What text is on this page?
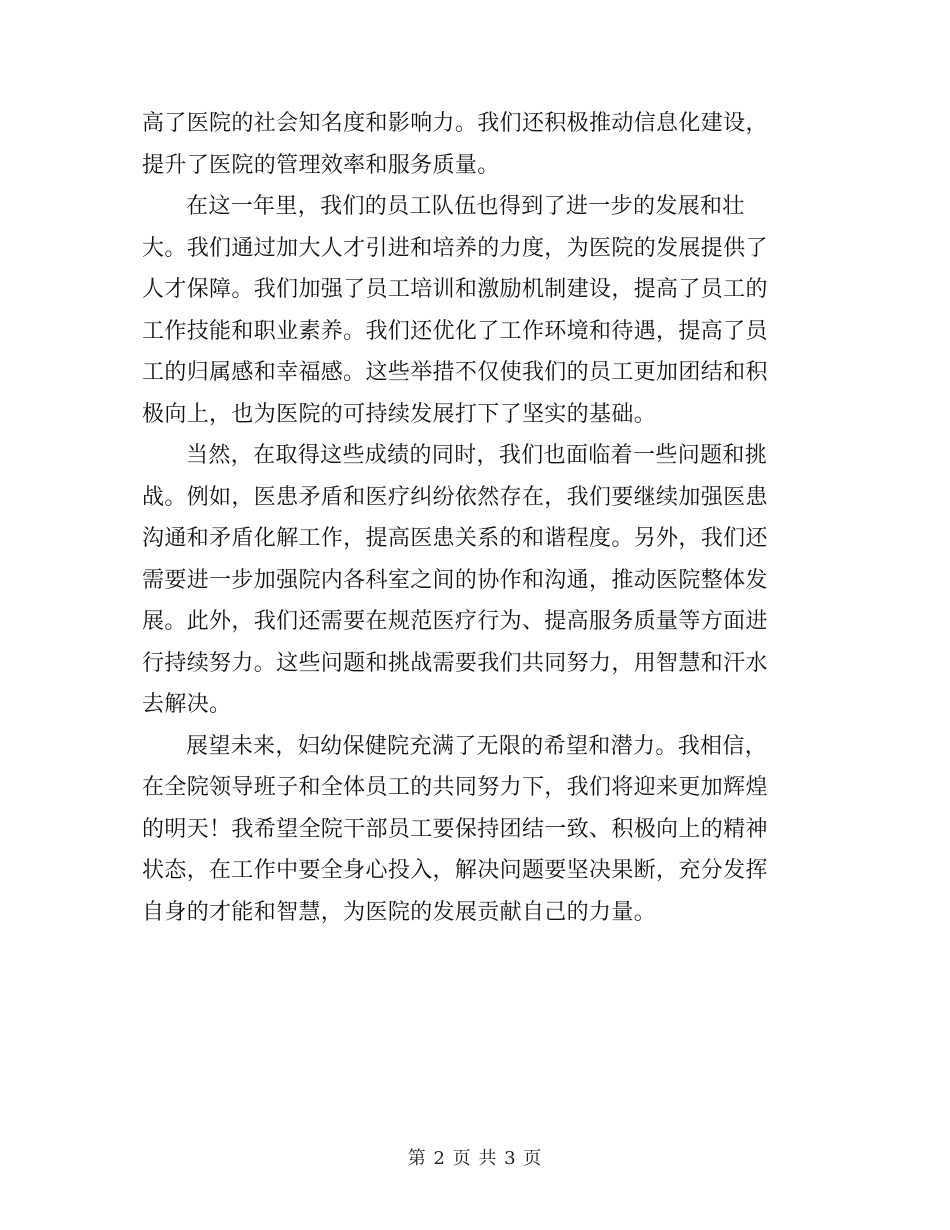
高了医院的社会知名度和影响力。我们还积极推动信息化建设，
提升了医院的管理效率和服务质量。
在这一年里，我们的员工队伍也得到了进一步的发展和壮
大。我们通过加大人才引进和培养的力度，为医院的发展提供了
人才保障。我们加强了员工培训和激励机制建设，提高了员工的
工作技能和职业素养。我们还优化了工作环境和待遇，提高了员
工的归属感和幸福感。这些举措不仅使我们的员工更加团结和积
极向上，也为医院的可持续发展打下了坚实的基础。
当然，在取得这些成绩的同时，我们也面临着一些问题和挑
战。例如，医患矛盾和医疗纠纷依然存在，我们要继续加强医患
沟通和矛盾化解工作，提高医患关系的和谐程度。另外，我们还
需要进一步加强院内各科室之间的协作和沟通，推动医院整体发
展。此外，我们还需要在规范医疗行为、提高服务质量等方面进
行持续努力。这些问题和挑战需要我们共同努力，用智慧和汗水
去解决。
展望未来，妇幼保健院充满了无限的希望和潜力。我相信，
在全院领导班子和全体员工的共同努力下，我们将迎来更加辉煌
的明天！我希望全院干部员工要保持团结一致、积极向上的精神
状态，在工作中要全身心投入，解决问题要坚决果断，充分发挥
自身的才能和智慧，为医院的发展贡献自己的力量。
第 2 页 共 3 页
